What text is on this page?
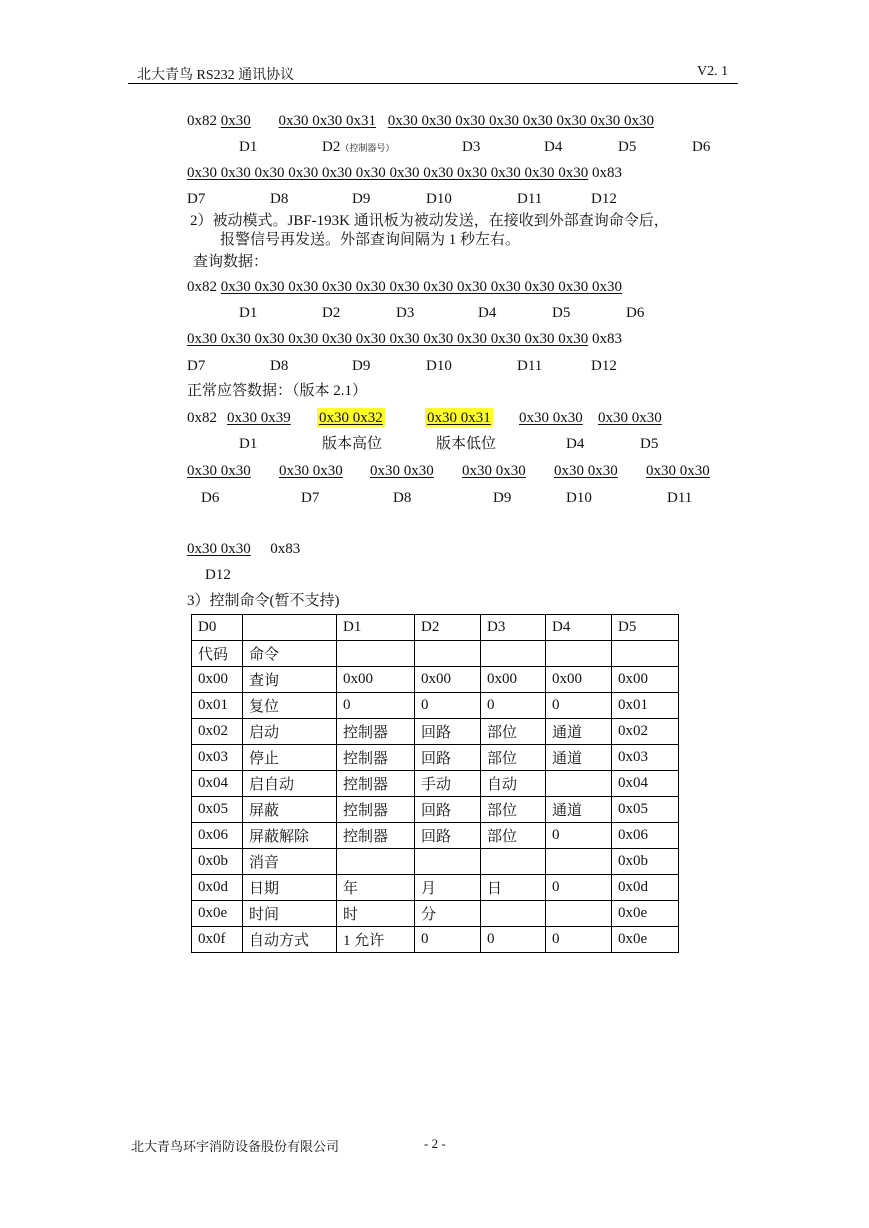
北大青鸟 RS232 通讯协议	V2. 1
0x82 0x30 0x30 0x30 0x31 0x30 0x30 0x30 0x30 0x30 0x30 0x30 0x30
D1	D2（控制器号）	D3	D4	D5	D6
0x30 0x30 0x30 0x30 0x30 0x30 0x30 0x30 0x30 0x30 0x30 0x30 0x83
D7	D8	D9	D10	D11	D12
2）被动模式。JBF-193K 通讯板为被动发送，在接收到外部查询命令后，
报警信号再发送。外部查询间隔为 1 秒左右。
查询数据：
0x82 0x30 0x30 0x30 0x30 0x30 0x30 0x30 0x30 0x30 0x30 0x30 0x30
D1	D2	D3	D4	D5	D6
0x30 0x30 0x30 0x30 0x30 0x30 0x30 0x30 0x30 0x30 0x30 0x30 0x83
D7	D8	D9	D10	D11	D12
正常应答数据：（版本 2.1）
0x82 0x30 0x39 0x30 0x32	0x30 0x31 0x30 0x30 0x30 0x30
D1	版本高位	版本低位	D4	D5
0x30 0x30 0x30 0x30 0x30 0x30 0x30 0x30 0x30 0x30 0x30 0x30
D6	D7	D8	D9	D10	D11
0x30 0x30 0x83
D12
3）控制命令(暂不支持)
D0		D1	D2	D3	D4	D5
代码	命令					
0x00	查询	0x00	0x00	0x00	0x00	0x00
0x01	复位	0	0	0	0	0x01
0x02	启动	控制器	回路	部位	通道	0x02
0x03	停止	控制器	回路	部位	通道	0x03
0x04	启自动	控制器	手动	自动		0x04
0x05	屏蔽	控制器	回路	部位	通道	0x05
0x06	屏蔽解除	控制器	回路	部位	0	0x06
0x0b	消音					0x0b
0x0d	日期	年	月	日	0	0x0d
0x0e	时间	时	分			0x0e
0x0f	自动方式	1 允许	0	0	0	0x0e
北大青鸟环宇消防设备股份有限公司	- 2 -
